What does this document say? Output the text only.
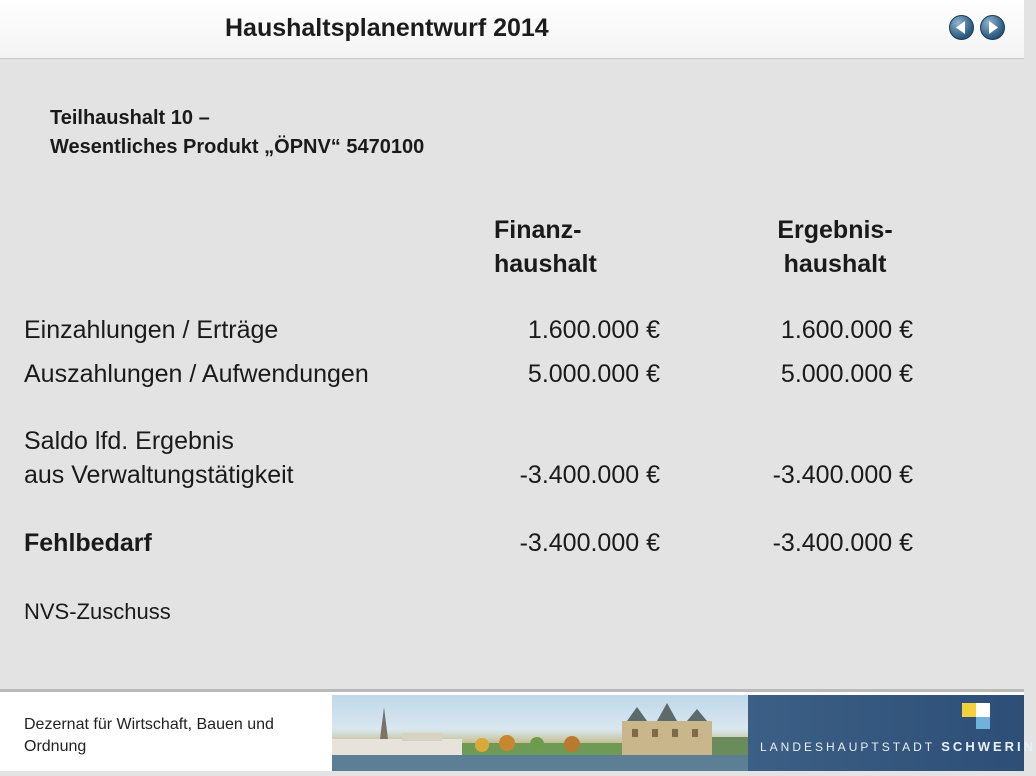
Haushaltsplanentwurf 2014
Teilhaushalt 10 –
Wesentliches Produkt „ÖPNV“ 5470100
Finanz-
haushalt
Ergebnis-
haushalt
Einzahlungen / Erträge	1.600.000 €	1.600.000 €
Auszahlungen / Aufwendungen	5.000.000 €	5.000.000 €
Saldo lfd. Ergebnis
aus Verwaltungstätigkeit	-3.400.000 €	-3.400.000 €
Fehlbedarf	-3.400.000 €	-3.400.000 €
NVS-Zuschuss
Dezernat für Wirtschaft, Bauen und
Ordnung	LANDESHAUPTSTADT SCHWERIN
